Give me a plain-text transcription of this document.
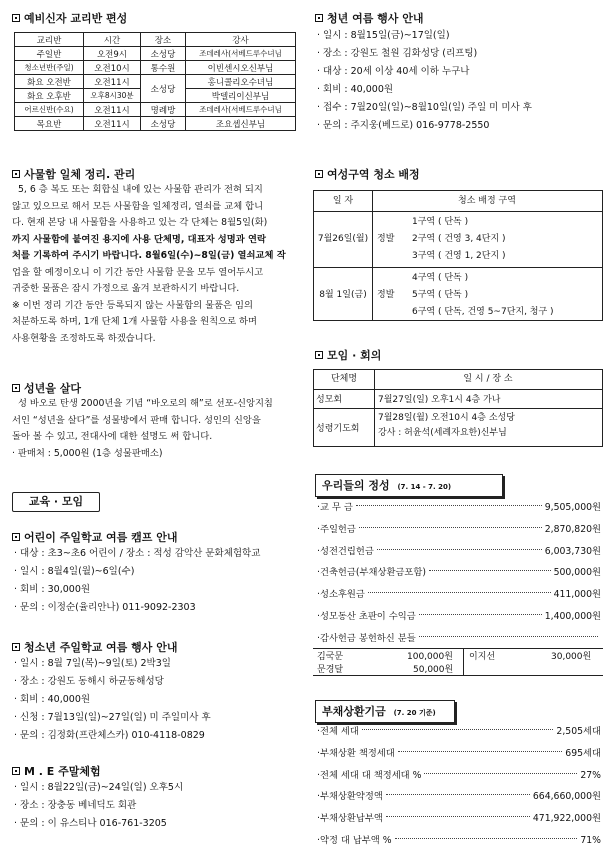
예비신자 교리반 편성
교리반	시간	장소	강사
주일반	오전9시	소성당	조데레사(서베드루수녀님
청소년반(주일)	오전10시	통수원	이빈센시오신부님
화요 오전반	오전11시	소성당	홍니콜리오수녀님
화요 오후반	오후8시30분		박델리이신부님
어르신반(수요)	오전11시	명례방	조데레사(서베드루수녀님
목요반	오전11시	소성당	조요셉신부님
사물함 일체 정리. 관리
5, 6 층 복도 또는 회합실 내에 있는 사물함 관리가 전혀 되지
않고 있으므로 해서 모든 사물함을 일체정리, 열쇠를 교체 합니
다. 현재 본당 내 사물함을 사용하고 있는 각 단체는 8월5일(화)
까지 사물함에 붙여진 용지에 사용 단체명, 대표자 성명과 연락
처를 기록하여 주시기 바랍니다. 8월6일(수)~8일(금) 열쇠교체 작
업을 할 예정이오니 이 기간 동안 사물함 문을 모두 열어두시고
귀중한 물품은 잠시 가정으로 옮겨 보관하시기 바랍니다.
※ 이번 정리 기간 동안 등록되지 않는 사물함의 물품은 임의
처분하도록 하며, 1개 단체 1개 사물함 사용을 원칙으로 하며
사용현황을 조정하도록 하겠습니다.
성년을 살다
성 바오로 탄생 2000년을 기념 “바오로의 해”로 선포-신앙지침
서인 “성년을 살다”를 성물방에서 판매 합니다. 성인의 신앙을
돌아 볼 수 있고, 전대사에 대한 설명도 써 합니다.
· 판매처 : 5,000원 (1층 성물판매소)
교육 · 모임
어린이 주일학교 여름 캠프 안내
· 대상 : 초3~초6 어린이 / 장소 : 적성 감악산 문화체험학교
· 일시 : 8월4일(월)~6일(수)
· 회비 : 30,000원
· 문의 : 이정순(율리안나) 011-9092-2303
청소년 주일학교 여름 행사 안내
· 일시 : 8월 7일(목)~9일(토) 2박3일
· 장소 : 강원도 동해시 하균동해성당
· 회비 : 40,000원
· 신청 : 7월13일(일)~27일(일) 미 주일미사 후
· 문의 : 김정화(프란체스카) 010-4118-0829
M . E 주말체험
· 일시 : 8월22일(금)~24일(일) 오후5시
· 장소 : 장충동 베네딕도 회관
· 문의 : 이 유스티나 016-761-3205
청년 여름 행사 안내
· 일시 : 8월15일(금)~17일(일)
· 장소 : 강원도 철원 김화성당 (리프팅)
· 대상 : 20세 이상 40세 이하 누구나
· 회비 : 40,000원
· 접수 : 7월20일(일)~8월10일(일) 주일 미 미사 후
· 문의 : 주지웅(베드로) 016-9778-2550
여성구역 청소 배정
일 자	청소 배정 구역
7월26일(월) 정발
1구역 ( 단독 )
2구역 ( 건영 3, 4단지 )
3구역 ( 건영 1, 2단지 )
8월 1일(금)	정발
4구역 ( 단독 )
5구역 ( 단독 )
6구역 ( 단독, 건영 5~7단지, 청구 )
모임 · 회의
단체명	일 시 / 장 소
성모회	7월27일(일) 오후1시 4층 가나
성령기도회
7월28일(월) 오전10시 4층 소성당
강사 : 허윤석(세례자요한)신부님
우리들의 정성 (7. 14 - 7. 20)
· 교 무 금	9,505,000원
· 주일헌금	2,870,820원
· 성전건립헌금	6,003,730원
· 건축헌금(부채상환금포함)	500,000원
· 성소후원금	411,000원
· 성모동산 초판이 수익금	1,400,000원
· 감사헌금 봉헌하신 분들
김국문	100,000원 이지선	30,000원
문경달	50,000원
부채상환기금 (7. 20 기준)
· 전체 세대	2,505세대
· 부채상환 책정세대	695세대
· 전체 세대 대 책정세대 %	27%
· 부채상환약정액	664,660,000원
· 부채상환납부액	471,922,000원
· 약정 대 납부액 %	71%
